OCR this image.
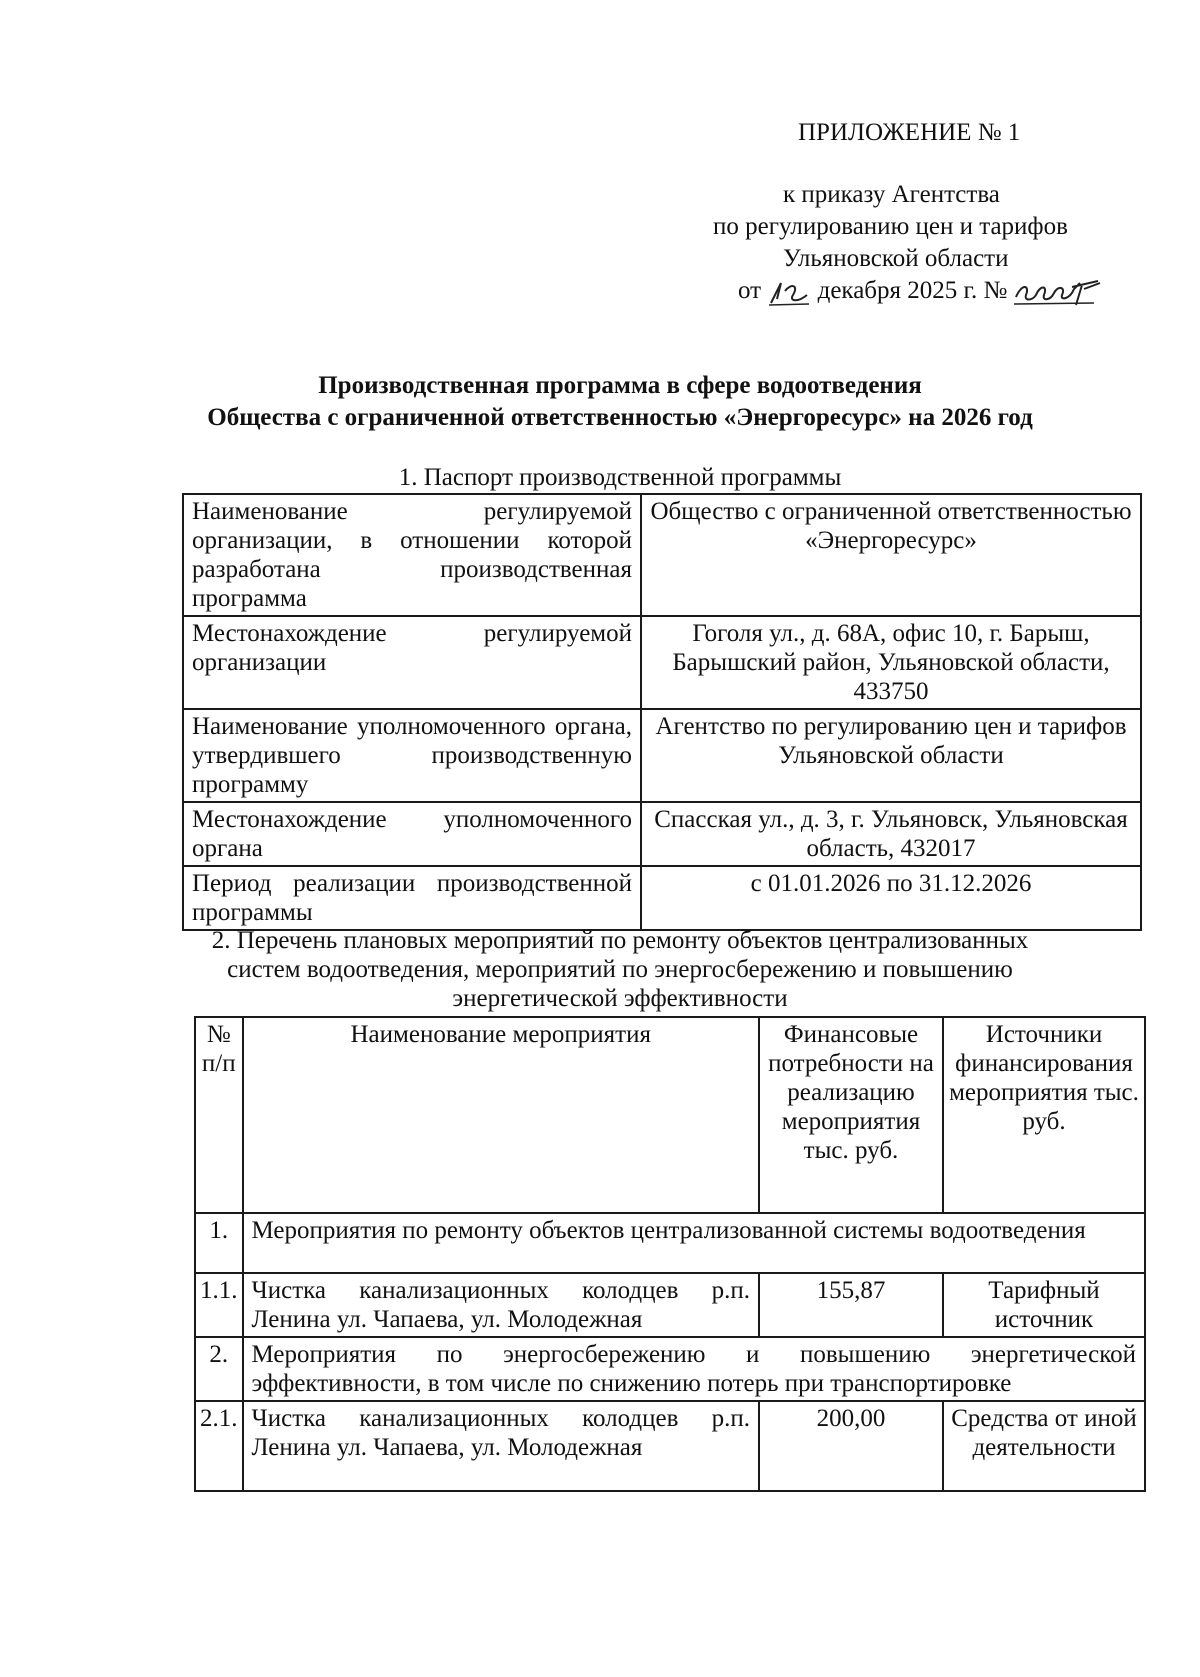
ПРИЛОЖЕНИЕ № 1
к приказу Агентства
по регулированию цен и тарифов
Ульяновской области
от декабря 2025 г. №
Производственная программа в сфере водоотведения
Общества с ограниченной ответственностью «Энергоресурс» на 2026 год
1. Паспорт производственной программы
Наименование регулируемой организации, в отношении которой разработана производственная программа	Общество с ограниченной ответственностью «Энергоресурс»
Местонахождение регулируемой организации	Гоголя ул., д. 68А, офис 10, г. Барыш, Барышский район, Ульяновской области, 433750
Наименование уполномоченного органа, утвердившего производственную программу	Агентство по регулированию цен и тарифов Ульяновской области
Местонахождение уполномоченного органа	Спасская ул., д. 3, г. Ульяновск, Ульяновская область, 432017
Период реализации производственной программы	с 01.01.2026 по 31.12.2026
2. Перечень плановых мероприятий по ремонту объектов централизованных
систем водоотведения, мероприятий по энергосбережению и повышению
энергетической эффективности
№ п/п	Наименование мероприятия	Финансовые потребности на реализацию мероприятия тыс. руб.	Источники финансирования мероприятия тыс. руб.
1.	Мероприятия по ремонту объектов централизованной системы водоотведения		
1.1.	Чистка канализационных колодцев р.п. Ленина ул. Чапаева, ул. Молодежная	155,87	Тарифный источник
2.	Мероприятия по энергосбережению и повышению энергетической эффективности, в том числе по снижению потерь при транспортировке		
2.1.	Чистка канализационных колодцев р.п. Ленина ул. Чапаева, ул. Молодежная	200,00	Средства от иной деятельности
